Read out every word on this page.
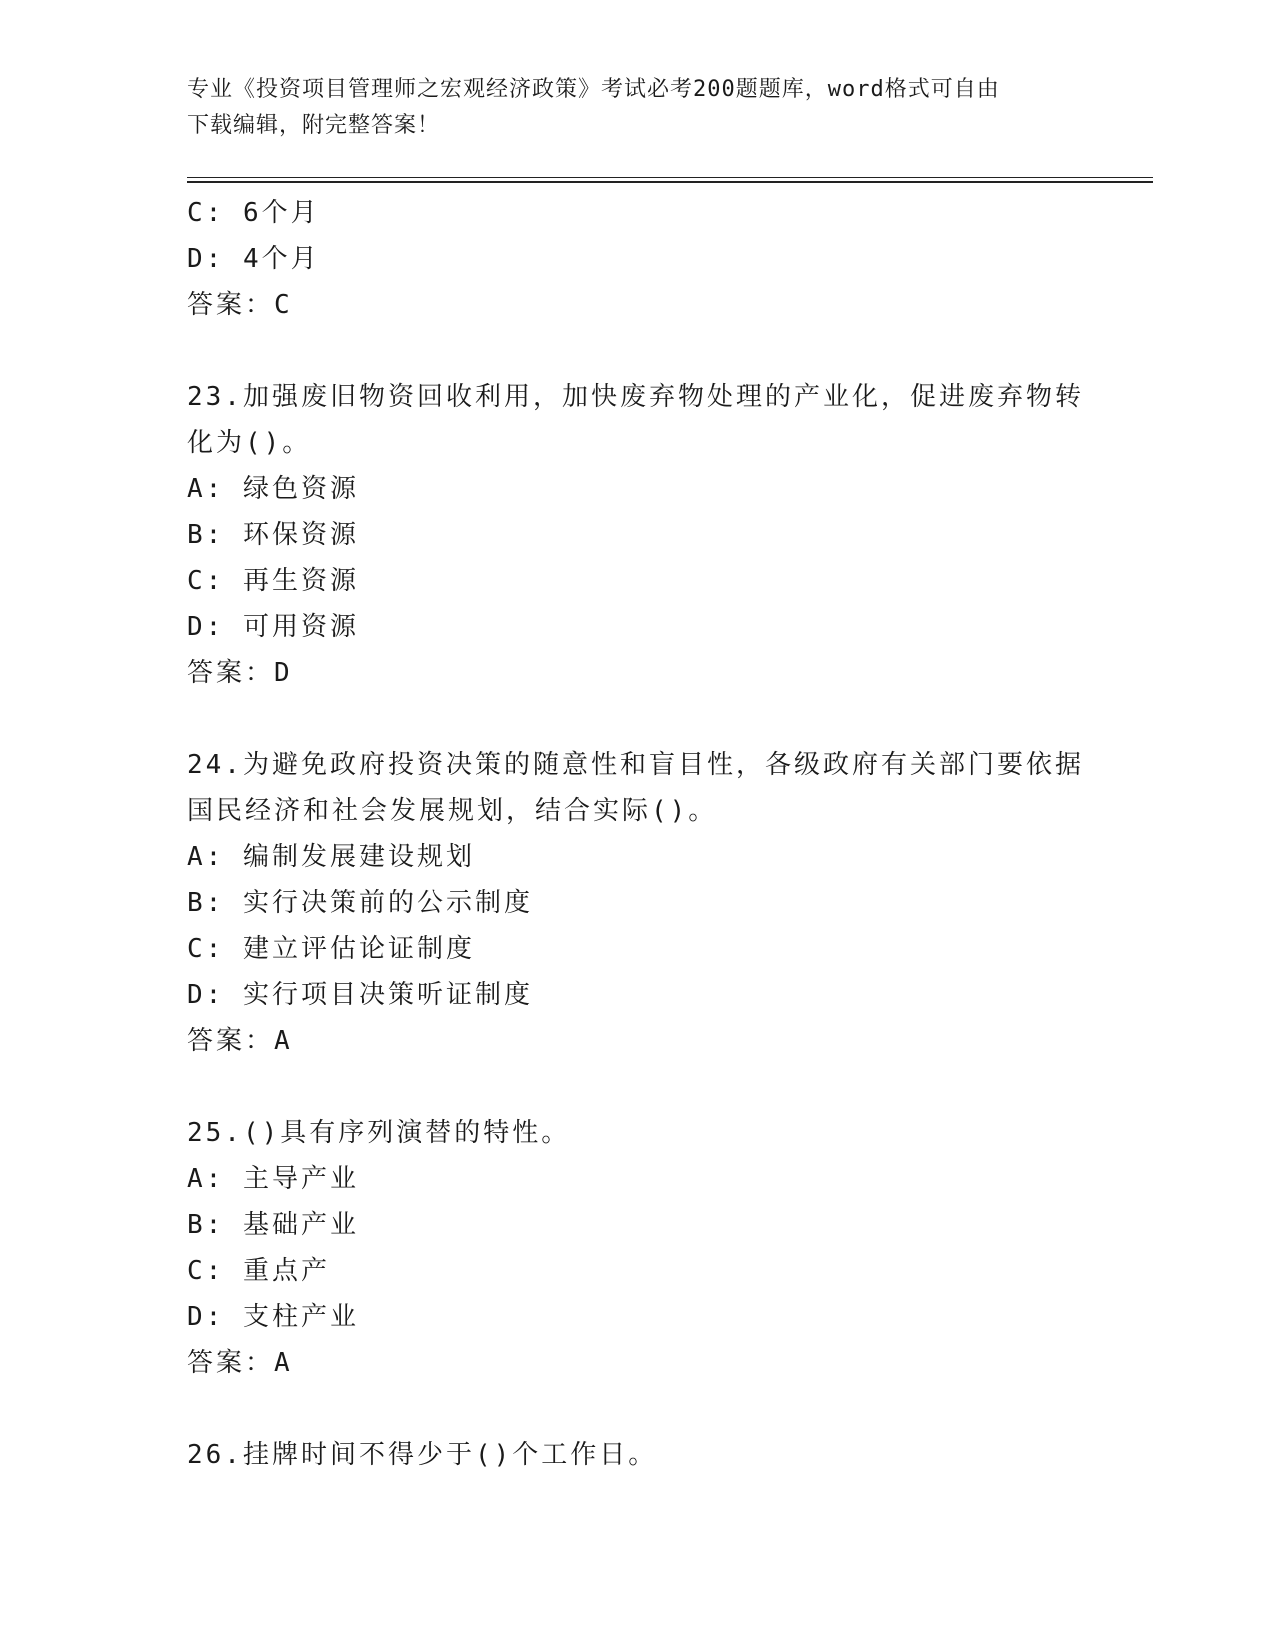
专业《投资项目管理师之宏观经济政策》考试必考200题题库，word格式可自由
下载编辑，附完整答案！
C: 6个月
D: 4个月
答案：C
23.加强废旧物资回收利用，加快废弃物处理的产业化，促进废弃物转
化为()。
A: 绿色资源
B: 环保资源
C: 再生资源
D: 可用资源
答案：D
24.为避免政府投资决策的随意性和盲目性，各级政府有关部门要依据
国民经济和社会发展规划，结合实际()。
A: 编制发展建设规划
B: 实行决策前的公示制度
C: 建立评估论证制度
D: 实行项目决策听证制度
答案：A
25.()具有序列演替的特性。
A: 主导产业
B: 基础产业
C: 重点产
D: 支柱产业
答案：A
26.挂牌时间不得少于()个工作日。
